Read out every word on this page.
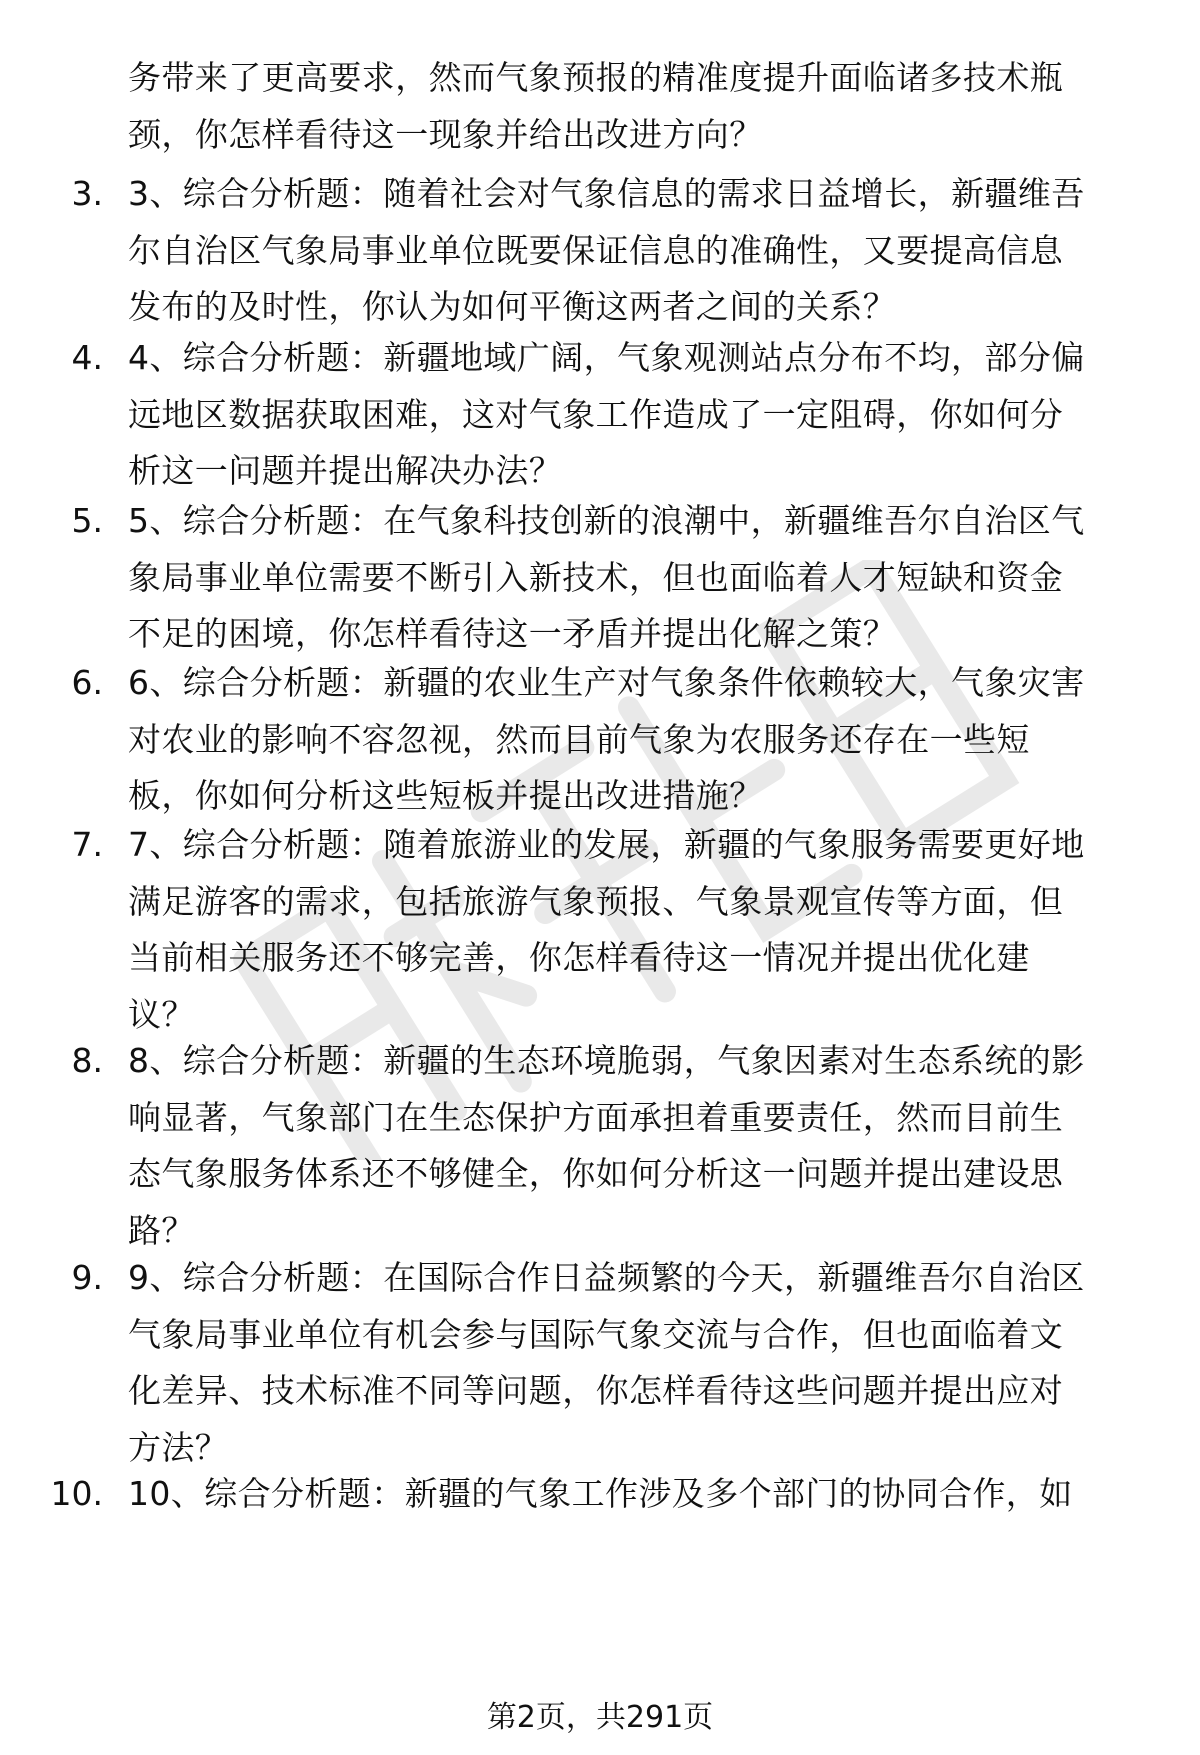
务带来了更高要求，然而气象预报的精准度提升面临诸多技术瓶
颈，你怎样看待这一现象并给出改进方向？
3. 3、综合分析题：随着社会对气象信息的需求日益增长，新疆维吾
尔自治区气象局事业单位既要保证信息的准确性，又要提高信息
发布的及时性，你认为如何平衡这两者之间的关系？
4. 4、综合分析题：新疆地域广阔，气象观测站点分布不均，部分偏
远地区数据获取困难，这对气象工作造成了一定阻碍，你如何分
析这一问题并提出解决办法？
5. 5、综合分析题：在气象科技创新的浪潮中，新疆维吾尔自治区气
象局事业单位需要不断引入新技术，但也面临着人才短缺和资金
不足的困境，你怎样看待这一矛盾并提出化解之策？
6. 6、综合分析题：新疆的农业生产对气象条件依赖较大，气象灾害
对农业的影响不容忽视，然而目前气象为农服务还存在一些短
板，你如何分析这些短板并提出改进措施？
7. 7、综合分析题：随着旅游业的发展，新疆的气象服务需要更好地
满足游客的需求，包括旅游气象预报、气象景观宣传等方面，但
当前相关服务还不够完善，你怎样看待这一情况并提出优化建
议？
8. 8、综合分析题：新疆的生态环境脆弱，气象因素对生态系统的影
响显著，气象部门在生态保护方面承担着重要责任，然而目前生
态气象服务体系还不够健全，你如何分析这一问题并提出建设思
路？
9. 9、综合分析题：在国际合作日益频繁的今天，新疆维吾尔自治区
气象局事业单位有机会参与国际气象交流与合作，但也面临着文
化差异、技术标准不同等问题，你怎样看待这些问题并提出应对
方法？
10. 10、综合分析题：新疆的气象工作涉及多个部门的协同合作，如
第2页，共291页
